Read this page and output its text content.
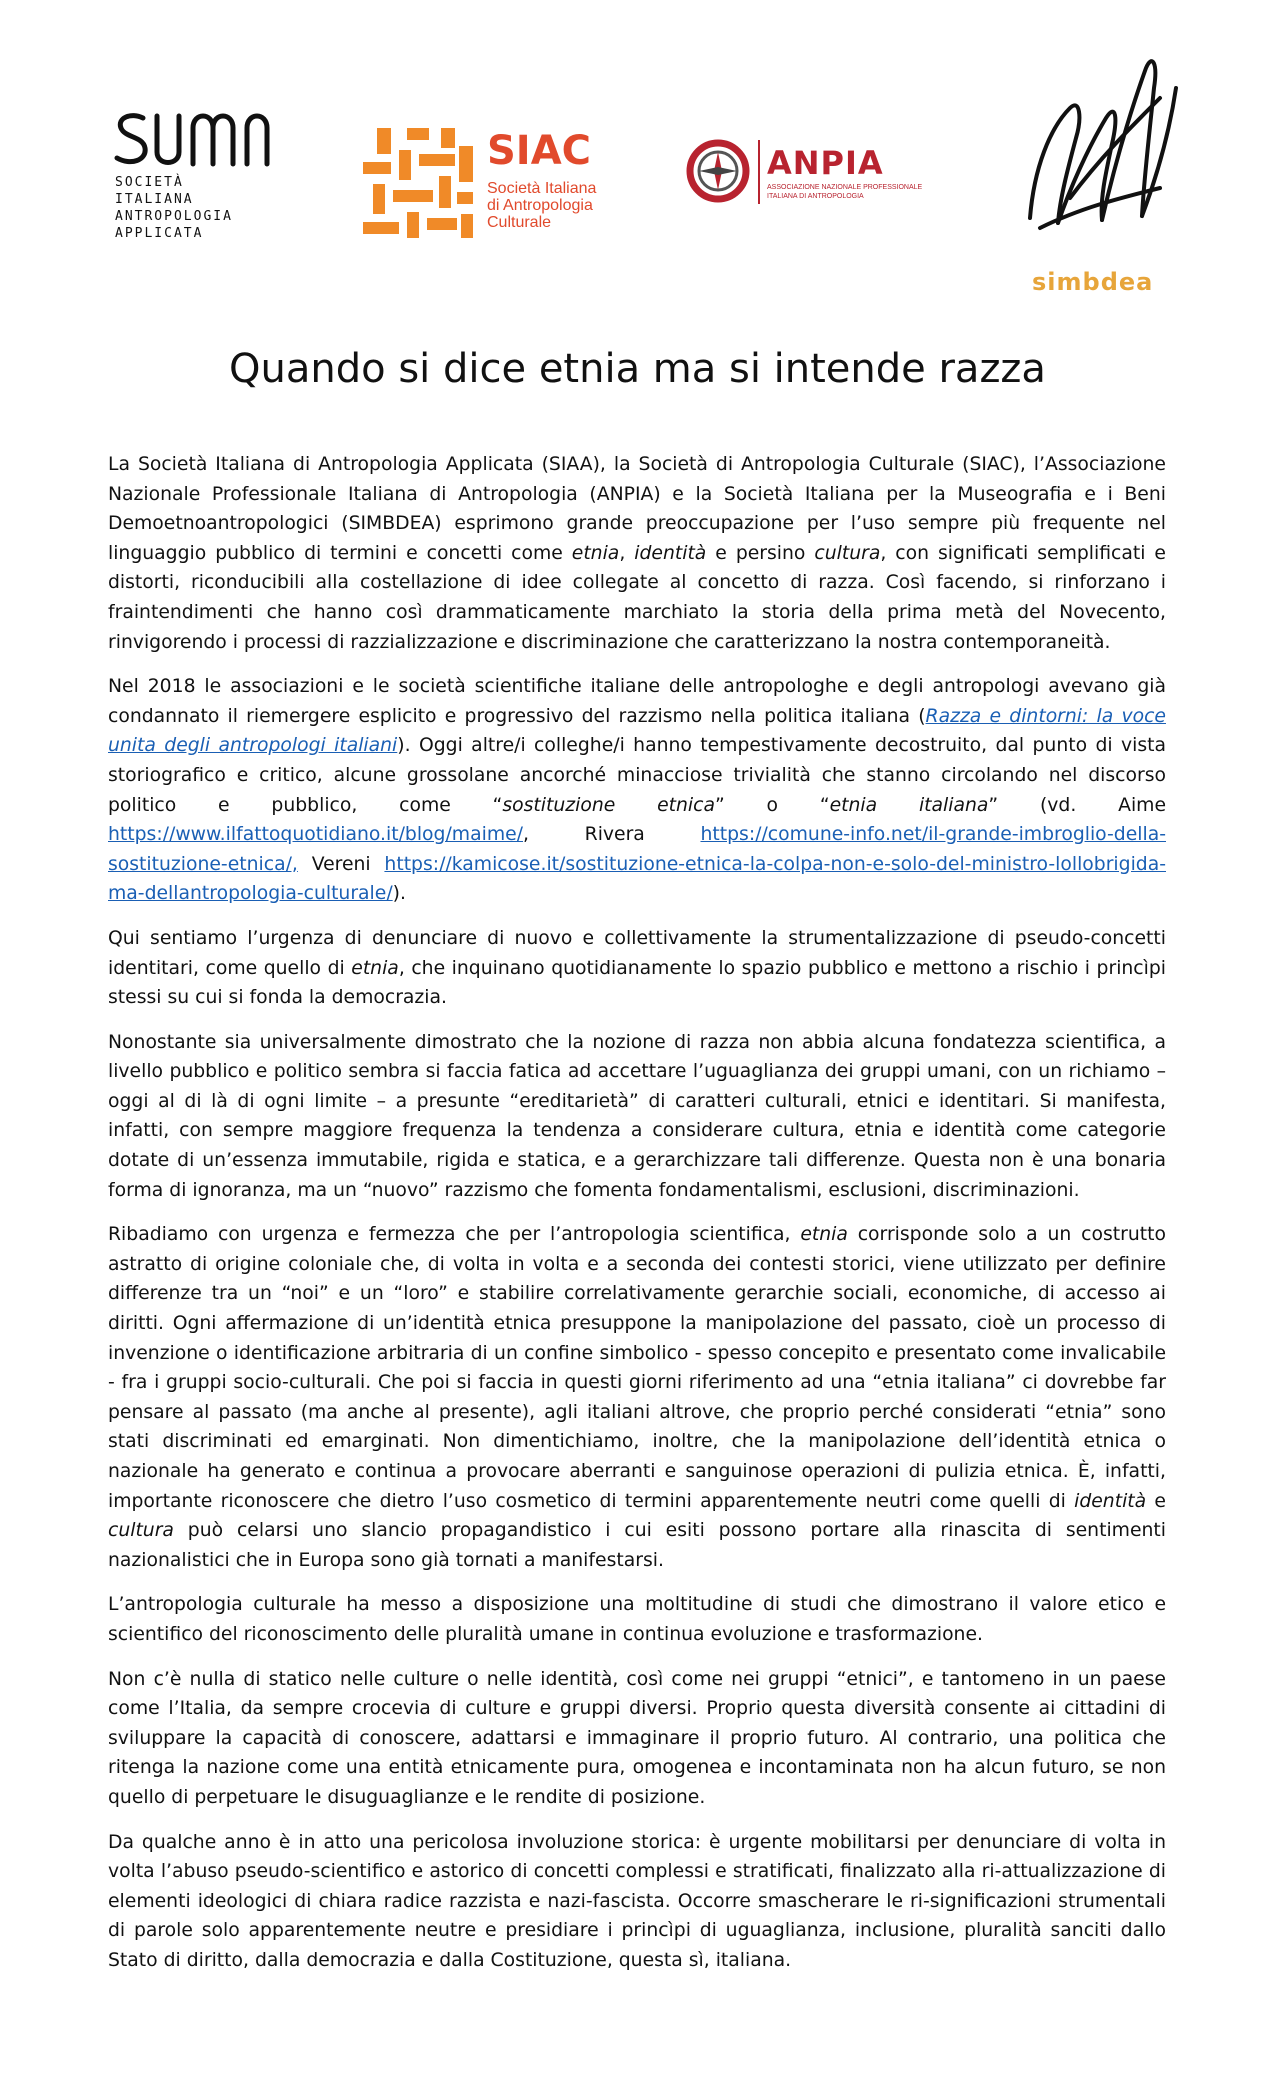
SOCIETÀ
ITALIANA
ANTROPOLOGIA
APPLICATA
SIAC
Società Italiana
di Antropologia
Culturale
ANPIA
ASSOCIAZIONE NAZIONALE PROFESSIONALE
ITALIANA DI ANTROPOLOGIA
simbdea
Quando si dice etnia ma si intende razza

La Società Italiana di Antropologia Applicata (SIAA), la Società di Antropologia Culturale (SIAC), l’Associazione Nazionale Professionale Italiana di Antropologia (ANPIA) e la Società Italiana per la Museografia e i Beni Demoetnoantropologici (SIMBDEA) esprimono grande preoccupazione per l’uso sempre più frequente nel linguaggio pubblico di termini e concetti come etnia, identità e persino cultura, con significati semplificati e distorti, riconducibili alla costellazione di idee collegate al concetto di razza. Così facendo, si rinforzano i fraintendimenti che hanno così drammaticamente marchiato la storia della prima metà del Novecento, rinvigorendo i processi di razzializzazione e discriminazione che caratterizzano la nostra contemporaneità.

Nel 2018 le associazioni e le società scientifiche italiane delle antropologhe e degli antropologi avevano già condannato il riemergere esplicito e progressivo del razzismo nella politica italiana (Razza e dintorni: la voce unita degli antropologi italiani). Oggi altre/i colleghe/i hanno tempestivamente decostruito, dal punto di vista storiografico e critico, alcune grossolane ancorché minacciose trivialità che stanno circolando nel discorso politico e pubblico, come “sostituzione etnica” o “etnia italiana” (vd. Aime https://www.ilfattoquotidiano.it/blog/maime/, Rivera https://comune-info.net/il-grande-imbroglio-della-sostituzione-etnica/, Vereni https://kamicose.it/sostituzione-etnica-la-colpa-non-e-solo-del-ministro-lollobrigida-ma-dellantropologia-culturale/).

Qui sentiamo l’urgenza di denunciare di nuovo e collettivamente la strumentalizzazione di pseudo-concetti identitari, come quello di etnia, che inquinano quotidianamente lo spazio pubblico e mettono a rischio i princìpi stessi su cui si fonda la democrazia.

Nonostante sia universalmente dimostrato che la nozione di razza non abbia alcuna fondatezza scientifica, a livello pubblico e politico sembra si faccia fatica ad accettare l’uguaglianza dei gruppi umani, con un richiamo – oggi al di là di ogni limite – a presunte “ereditarietà” di caratteri culturali, etnici e identitari. Si manifesta, infatti, con sempre maggiore frequenza la tendenza a considerare cultura, etnia e identità come categorie dotate di un’essenza immutabile, rigida e statica, e a gerarchizzare tali differenze. Questa non è una bonaria forma di ignoranza, ma un “nuovo” razzismo che fomenta fondamentalismi, esclusioni, discriminazioni.

Ribadiamo con urgenza e fermezza che per l’antropologia scientifica, etnia corrisponde solo a un costrutto astratto di origine coloniale che, di volta in volta e a seconda dei contesti storici, viene utilizzato per definire differenze tra un “noi” e un “loro” e stabilire correlativamente gerarchie sociali, economiche, di accesso ai diritti. Ogni affermazione di un’identità etnica presuppone la manipolazione del passato, cioè un processo di invenzione o identificazione arbitraria di un confine simbolico - spesso concepito e presentato come invalicabile - fra i gruppi socio-culturali. Che poi si faccia in questi giorni riferimento ad una “etnia italiana” ci dovrebbe far pensare al passato (ma anche al presente), agli italiani altrove, che proprio perché considerati “etnia” sono stati discriminati ed emarginati. Non dimentichiamo, inoltre, che la manipolazione dell’identità etnica o nazionale ha generato e continua a provocare aberranti e sanguinose operazioni di pulizia etnica. È, infatti, importante riconoscere che dietro l’uso cosmetico di termini apparentemente neutri come quelli di identità e cultura può celarsi uno slancio propagandistico i cui esiti possono portare alla rinascita di sentimenti nazionalistici che in Europa sono già tornati a manifestarsi.

L’antropologia culturale ha messo a disposizione una moltitudine di studi che dimostrano il valore etico e scientifico del riconoscimento delle pluralità umane in continua evoluzione e trasformazione.

Non c’è nulla di statico nelle culture o nelle identità, così come nei gruppi “etnici”, e tantomeno in un paese come l’Italia, da sempre crocevia di culture e gruppi diversi. Proprio questa diversità consente ai cittadini di sviluppare la capacità di conoscere, adattarsi e immaginare il proprio futuro. Al contrario, una politica che ritenga la nazione come una entità etnicamente pura, omogenea e incontaminata non ha alcun futuro, se non quello di perpetuare le disuguaglianze e le rendite di posizione.

Da qualche anno è in atto una pericolosa involuzione storica: è urgente mobilitarsi per denunciare di volta in volta l’abuso pseudo-scientifico e astorico di concetti complessi e stratificati, finalizzato alla ri-attualizzazione di elementi ideologici di chiara radice razzista e nazi-fascista. Occorre smascherare le ri-significazioni strumentali di parole solo apparentemente neutre e presidiare i princìpi di uguaglianza, inclusione, pluralità sanciti dallo Stato di diritto, dalla democrazia e dalla Costituzione, questa sì, italiana.
